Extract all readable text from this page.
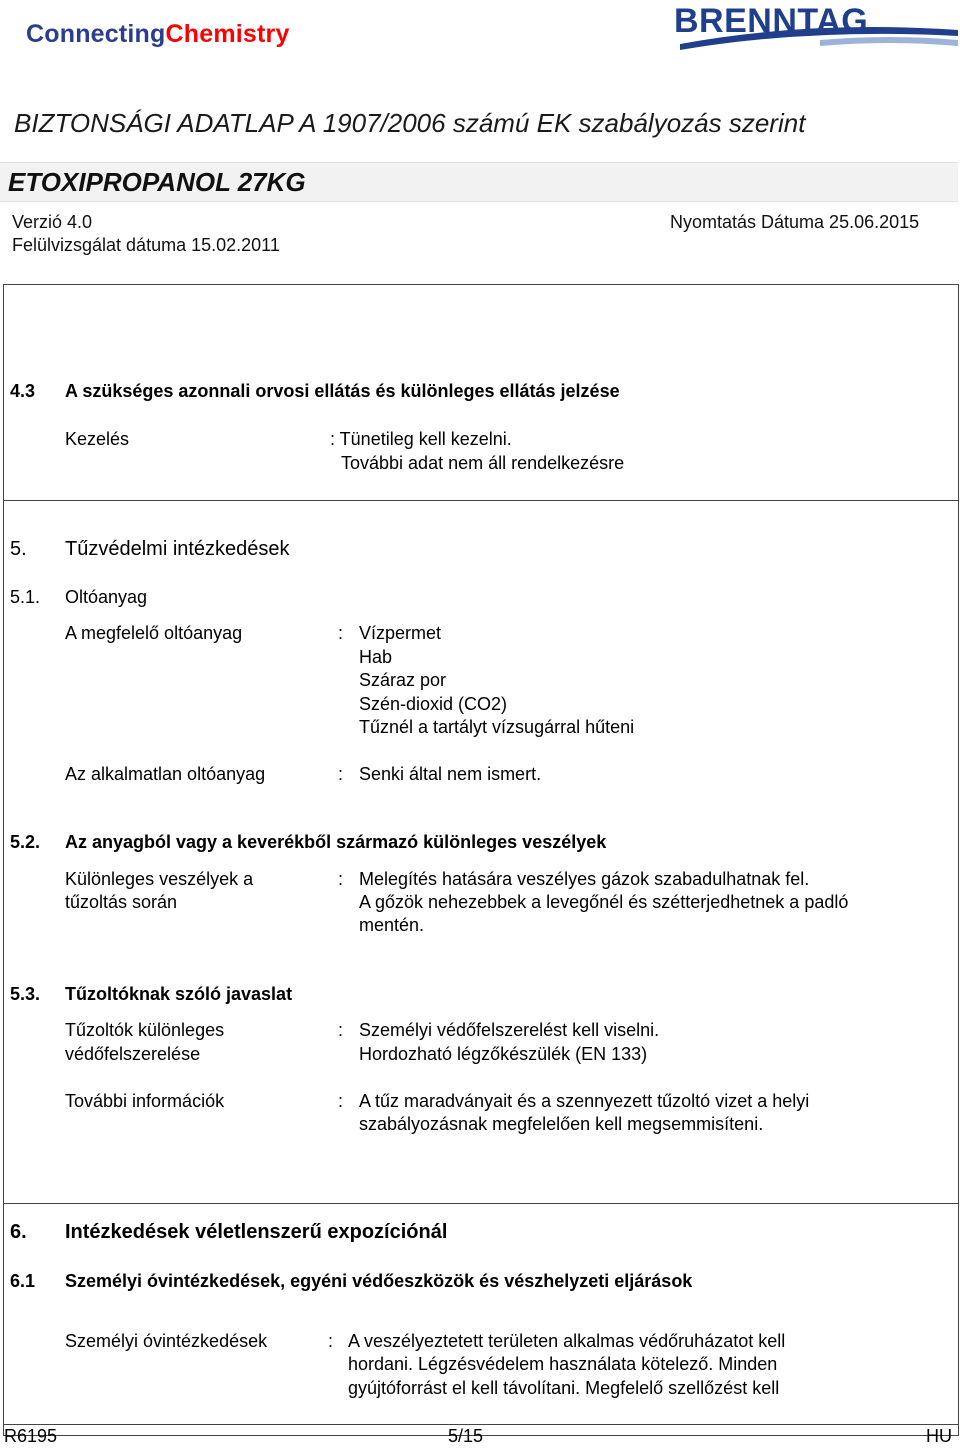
ConnectingChemistry	BRENNTAG
BIZTONSÁGI ADATLAP A 1907/2006 számú EK szabályozás szerint
ETOXIPROPANOL 27KG
Verzió 4.0	Nyomtatás Dátuma 25.06.2015
Felülvizsgálat dátuma 15.02.2011
4.3 A szükséges azonnali orvosi ellátás és különleges ellátás jelzése
Kezelés	: Tünetileg kell kezelni.
További adat nem áll rendelkezésre
5. Tűzvédelmi intézkedések
5.1. Oltóanyag
A megfelelő oltóanyag	: Vízpermet
Hab
Száraz por
Szén-dioxid (CO2)
Tűznél a tartályt vízsugárral hűteni
Az alkalmatlan oltóanyag	: Senki által nem ismert.
5.2. Az anyagból vagy a keverékből származó különleges veszélyek
Különleges veszélyek a
tűzoltás során
: Melegítés hatására veszélyes gázok szabadulhatnak fel.
A gőzök nehezebbek a levegőnél és szétterjedhetnek a padló
mentén.
5.3. Tűzoltóknak szóló javaslat
Tűzoltók különleges
védőfelszerelése
: Személyi védőfelszerelést kell viselni.
Hordozható légzőkészülék (EN 133)
További információk	: A tűz maradványait és a szennyezett tűzoltó vizet a helyi
szabályozásnak megfelelően kell megsemmisíteni.
6. Intézkedések véletlenszerű expozíciónál
6.1 Személyi óvintézkedések, egyéni védőeszközök és vészhelyzeti eljárások
Személyi óvintézkedések	: A veszélyeztetett területen alkalmas védőruházatot kell
hordani. Légzésvédelem használata kötelező. Minden
gyújtóforrást el kell távolítani. Megfelelő szellőzést kell
R6195	5/15	HU
